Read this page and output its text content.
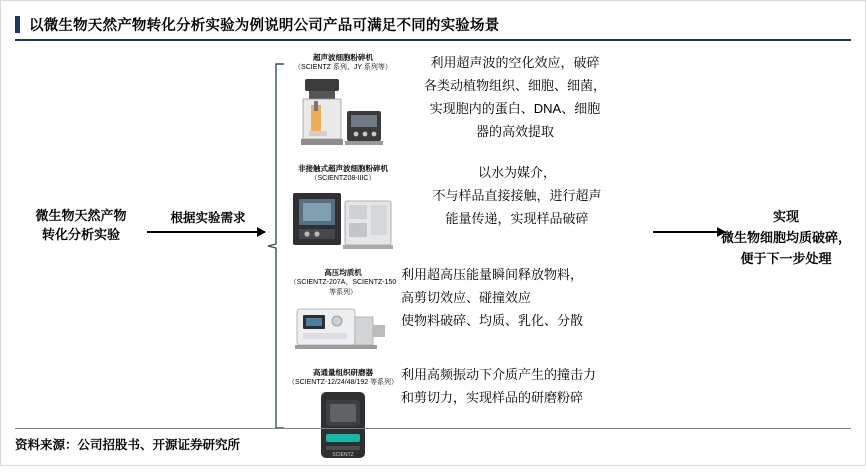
以微生物天然产物转化分析实验为例说明公司产品可满足不同的实验场景
微生物天然产物
转化分析实验
根据实验需求
超声波细胞粉碎机
（SCIENTZ 系列、JY 系列等）
非接触式超声波细胞粉碎机
（SCIENTZ08-IIIC）
高压均质机
（SCIENTZ-207A、SCIENTZ-150 等系列）
高通量组织研磨器
（SCIENTZ-12/24/48/192 等系列）
SCIENTZ
利用超声波的空化效应，破碎
各类动植物组织、细胞、细菌，
实现胞内的蛋白、DNA、细胞
器的高效提取
以水为媒介，
不与样品直接接触，进行超声
能量传递，实现样品破碎
利用超高压能量瞬间释放物料，
高剪切效应、碰撞效应
使物料破碎、均质、乳化、分散
利用高频振动下介质产生的撞击力
和剪切力，实现样品的研磨粉碎
实现
微生物细胞均质破碎，
便于下一步处理
资料来源：公司招股书、开源证券研究所
